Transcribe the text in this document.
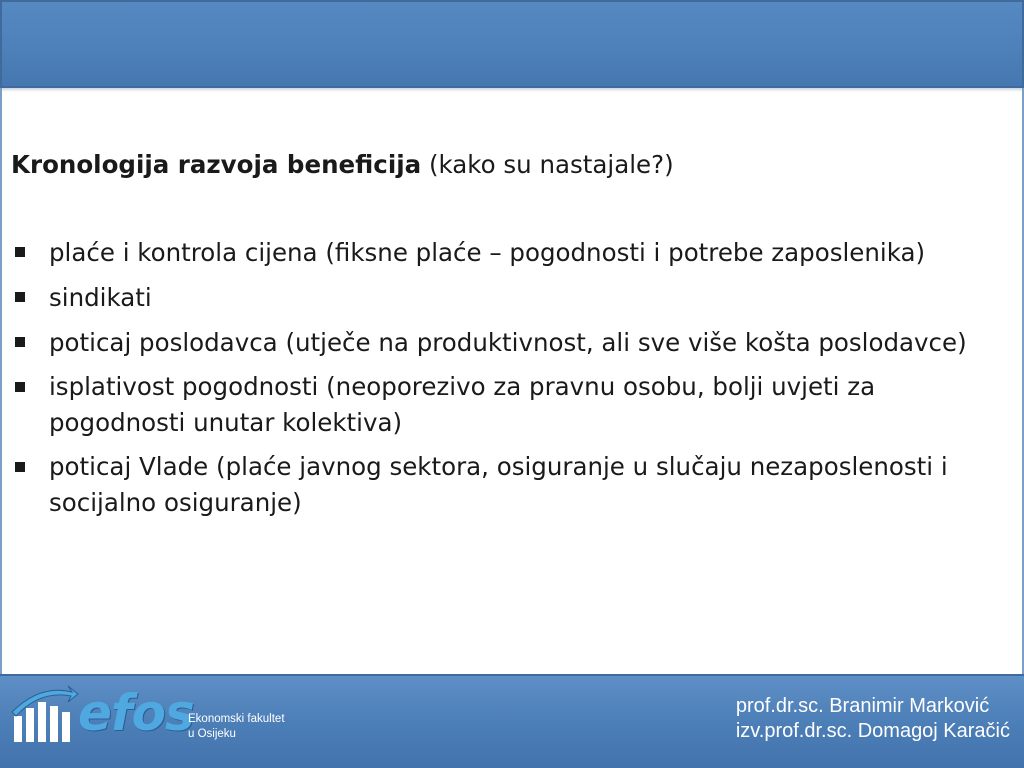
Kronologija razvoja beneficija (kako su nastajale?)

plaće i kontrola cijena (fiksne plaće – pogodnosti i potrebe zaposlenika)
sindikati
poticaj poslodavca (utječe na produktivnost, ali sve više košta poslodavce)
isplativost pogodnosti (neoporezivo za pravnu osobu, bolji uvjeti za pogodnosti unutar kolektiva)
poticaj Vlade (plaće javnog sektora, osiguranje u slučaju nezaposlenosti i socijalno osiguranje)
efos
Ekonomski fakultet
u Osijeku
prof.dr.sc. Branimir Marković
izv.prof.dr.sc. Domagoj Karačić
